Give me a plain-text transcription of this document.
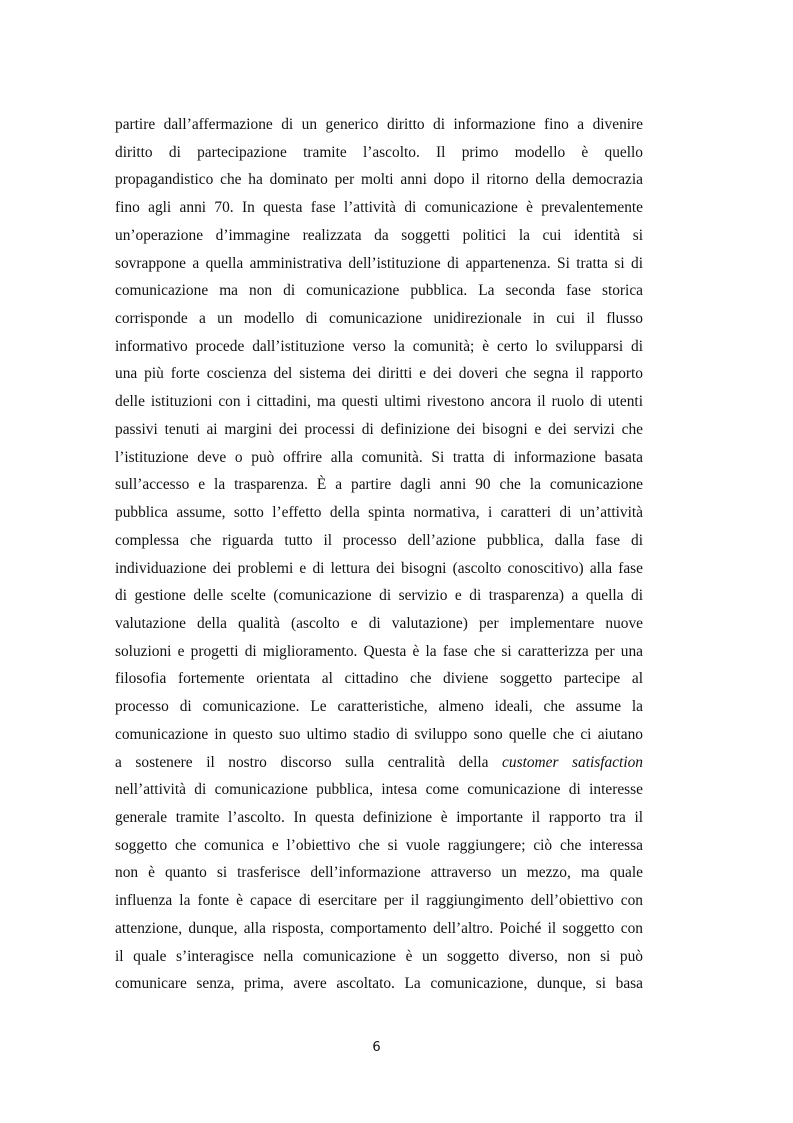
partire dall’affermazione di un generico diritto di informazione fino a divenire
diritto di partecipazione tramite l’ascolto. Il primo modello è quello
propagandistico che ha dominato per molti anni dopo il ritorno della democrazia
fino agli anni 70. In questa fase l’attività di comunicazione è prevalentemente
un’operazione d’immagine realizzata da soggetti politici la cui identità si
sovrappone a quella amministrativa dell’istituzione di appartenenza. Si tratta si di
comunicazione ma non di comunicazione pubblica. La seconda fase storica
corrisponde a un modello di comunicazione unidirezionale in cui il flusso
informativo procede dall’istituzione verso la comunità; è certo lo svilupparsi di
una più forte coscienza del sistema dei diritti e dei doveri che segna il rapporto
delle istituzioni con i cittadini, ma questi ultimi rivestono ancora il ruolo di utenti
passivi tenuti ai margini dei processi di definizione dei bisogni e dei servizi che
l’istituzione deve o può offrire alla comunità. Si tratta di informazione basata
sull’accesso e la trasparenza. È a partire dagli anni 90 che la comunicazione
pubblica assume, sotto l’effetto della spinta normativa, i caratteri di un’attività
complessa che riguarda tutto il processo dell’azione pubblica, dalla fase di
individuazione dei problemi e di lettura dei bisogni (ascolto conoscitivo) alla fase
di gestione delle scelte (comunicazione di servizio e di trasparenza) a quella di
valutazione della qualità (ascolto e di valutazione) per implementare nuove
soluzioni e progetti di miglioramento. Questa è la fase che si caratterizza per una
filosofia fortemente orientata al cittadino che diviene soggetto partecipe al
processo di comunicazione. Le caratteristiche, almeno ideali, che assume la
comunicazione in questo suo ultimo stadio di sviluppo sono quelle che ci aiutano
a sostenere il nostro discorso sulla centralità della customer satisfaction
nell’attività di comunicazione pubblica, intesa come comunicazione di interesse
generale tramite l’ascolto. In questa definizione è importante il rapporto tra il
soggetto che comunica e l’obiettivo che si vuole raggiungere; ciò che interessa
non è quanto si trasferisce dell’informazione attraverso un mezzo, ma quale
influenza la fonte è capace di esercitare per il raggiungimento dell’obiettivo con
attenzione, dunque, alla risposta, comportamento dell’altro. Poiché il soggetto con
il quale s’interagisce nella comunicazione è un soggetto diverso, non si può
comunicare senza, prima, avere ascoltato. La comunicazione, dunque, si basa
6
